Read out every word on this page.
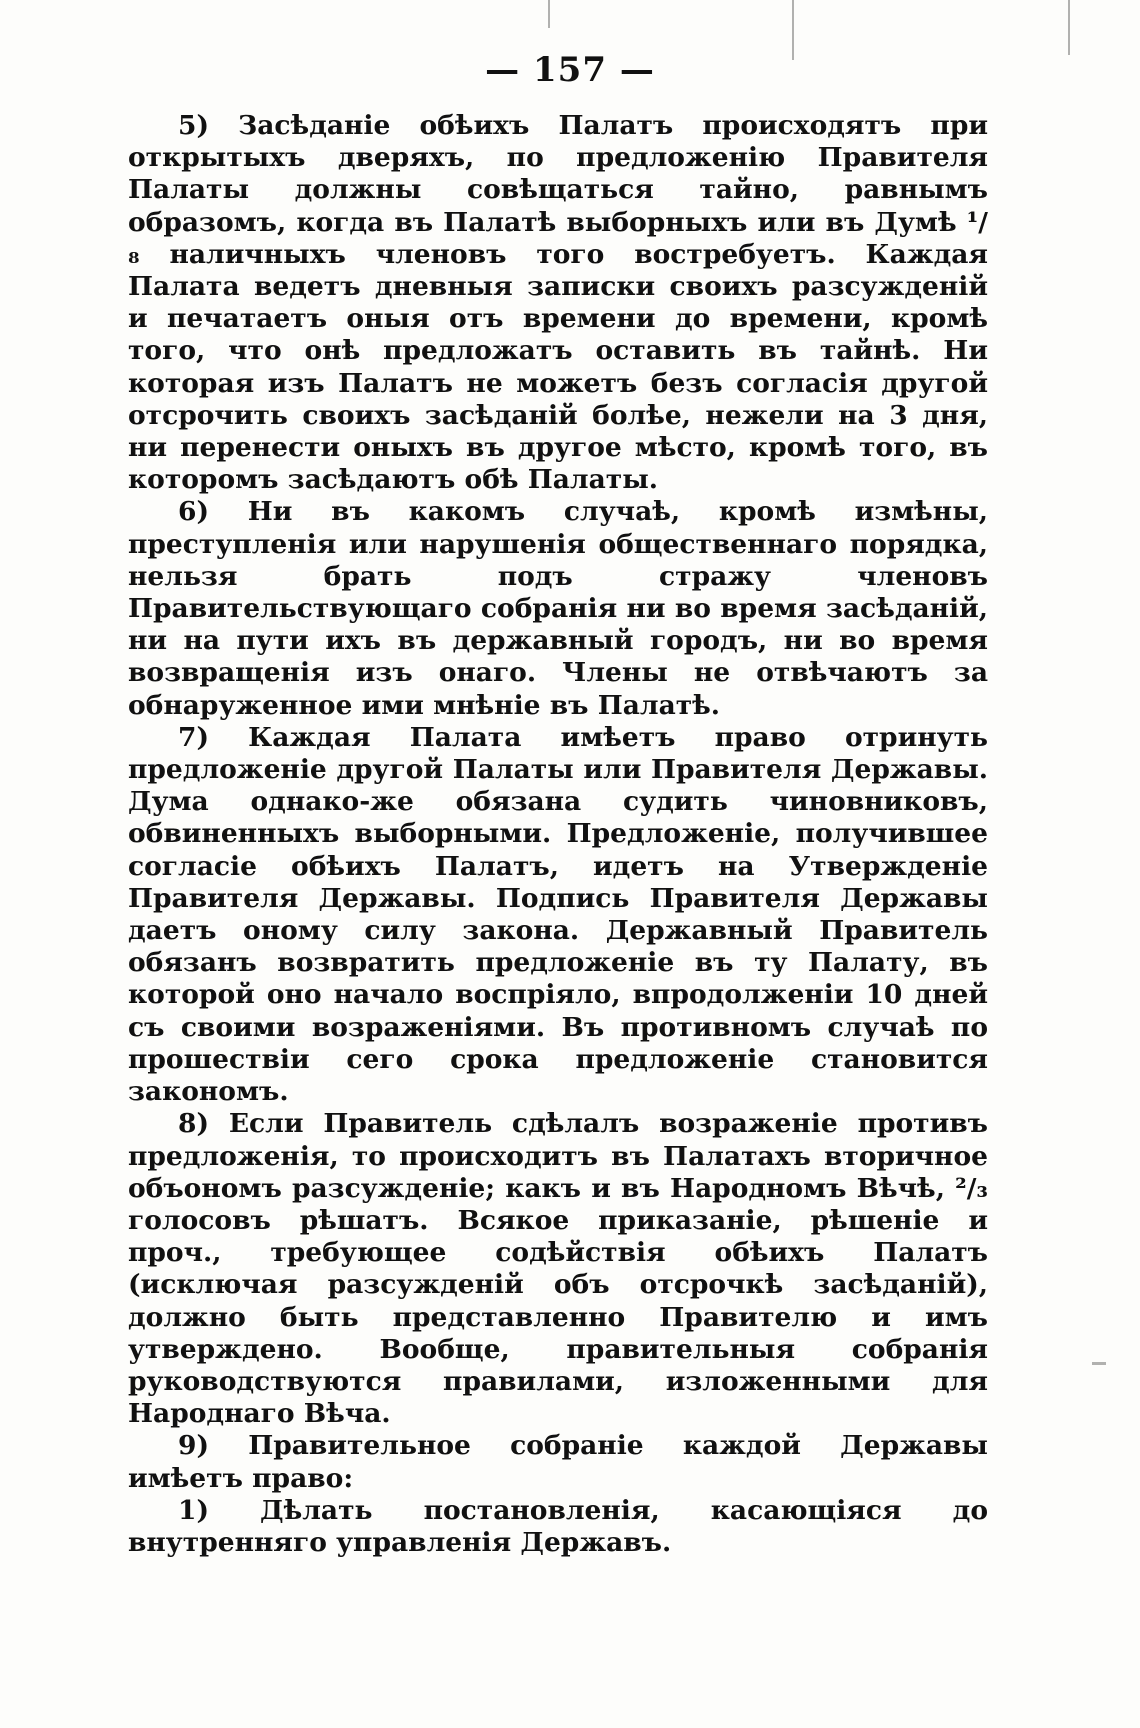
— 157 —

5) Засѣданіе обѣихъ Палатъ происходятъ при открытыхъ дверяхъ, по предложенію Правителя Палаты должны совѣщаться тайно, равнымъ образомъ, когда въ Палатѣ выборныхъ или въ Думѣ ¹/₈ наличныхъ членовъ того востребуетъ. Каждая Палата ведетъ дневныя записки своихъ разсужденій и печатаетъ оныя отъ времени до времени, кромѣ того, что онѣ предложатъ оставить въ тайнѣ. Ни которая изъ Палатъ не можетъ безъ согласія другой отсрочить своихъ засѣданій болѣе, нежели на 3 дня, ни перенести оныхъ въ другое мѣсто, кромѣ того, въ которомъ засѣдаютъ обѣ Палаты.

6) Ни въ какомъ случаѣ, кромѣ измѣны, преступленія или нарушенія общественнаго порядка, нельзя брать подъ стражу членовъ Правительствующаго собранія ни во время засѣданій, ни на пути ихъ въ державный городъ, ни во время возвращенія изъ онаго. Члены не отвѣчаютъ за обнаруженное ими мнѣніе въ Палатѣ.

7) Каждая Палата имѣетъ право отринуть предложеніе другой Палаты или Правителя Державы. Дума однако-же обязана судить чиновниковъ, обвиненныхъ выборными. Предложеніе, получившее согласіе обѣихъ Палатъ, идетъ на Утвержденіе Правителя Державы. Подпись Правителя Державы даетъ оному силу закона. Державный Правитель обязанъ возвратить предложеніе въ ту Палату, въ которой оно начало воспріяло, впродолженіи 10 дней съ своими возраженіями. Въ противномъ случаѣ по прошествіи сего срока предложеніе становится закономъ.

8) Если Правитель сдѣлалъ возраженіе противъ предложенія, то происходитъ въ Палатахъ вторичное объономъ разсужденіе; какъ и въ Народномъ Вѣчѣ, ²/₃ голосовъ рѣшатъ. Всякое приказаніе, рѣшеніе и проч., требующее содѣйствія обѣихъ Палатъ (исключая разсужденій объ отсрочкѣ засѣданій), должно быть представленно Правителю и имъ утверждено. Вообще, правительныя собранія руководствуются правилами, изложенными для Народнаго Вѣча.

9) Правительное собраніе каждой Державы имѣетъ право:

1) Дѣлать постановленія, касающіяся до внутренняго управленія Державъ.
